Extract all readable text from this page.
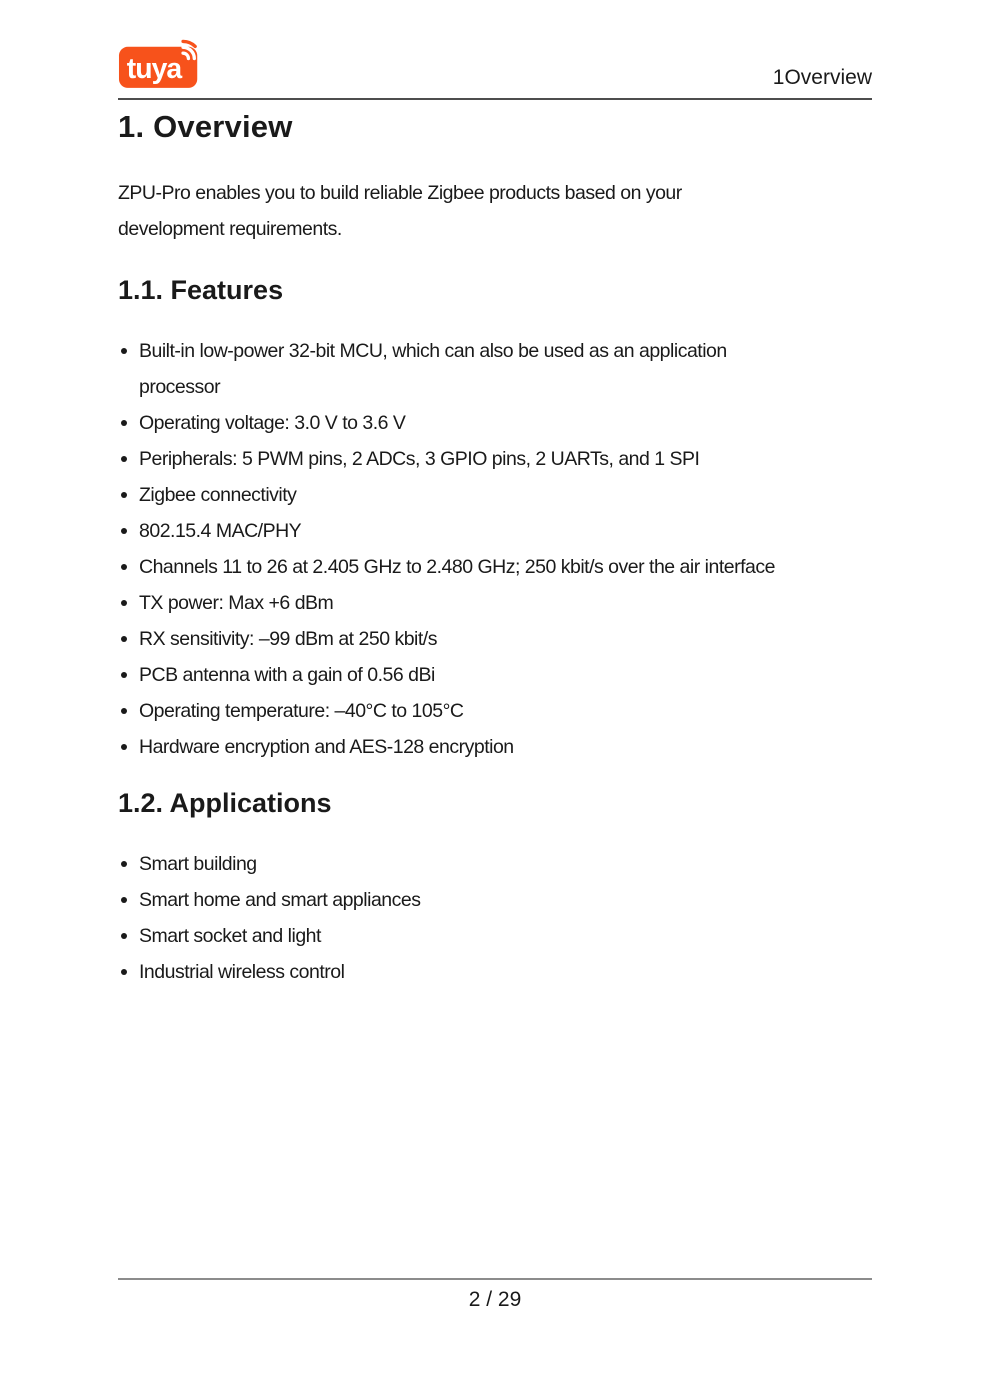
tuya	1Overview
1. Overview
ZPU-Pro enables you to build reliable Zigbee products based on your
development requirements.
1.1. Features
Built-in low-power 32-bit MCU, which can also be used as an application
processor
Operating voltage: 3.0 V to 3.6 V
Peripherals: 5 PWM pins, 2 ADCs, 3 GPIO pins, 2 UARTs, and 1 SPI
Zigbee connectivity
802.15.4 MAC/PHY
Channels 11 to 26 at 2.405 GHz to 2.480 GHz; 250 kbit/s over the air interface
TX power: Max +6 dBm
RX sensitivity: –99 dBm at 250 kbit/s
PCB antenna with a gain of 0.56 dBi
Operating temperature: –40°C to 105°C
Hardware encryption and AES-128 encryption
1.2. Applications
Smart building
Smart home and smart appliances
Smart socket and light
Industrial wireless control
2 / 29
